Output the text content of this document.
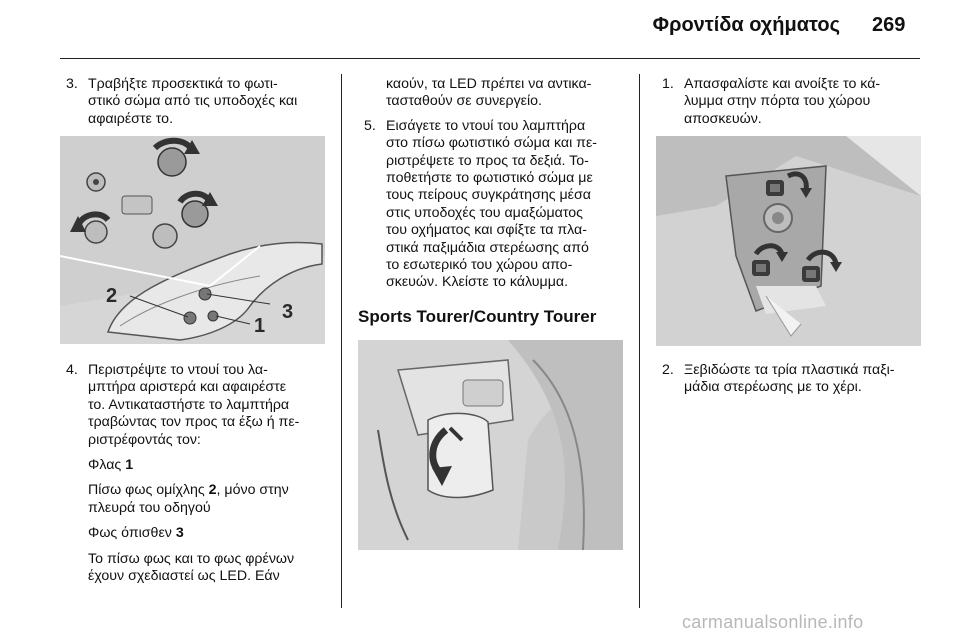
Φροντίδα οχήματος 269
3. Τραβήξτε προσεκτικά το φωτι-

στικό σώμα από τις υποδοχές και

αφαιρέστε το.

2
1
3
4. Περιστρέψτε το ντουί του λα-

μπτήρα αριστερά και αφαιρέστε

το. Αντικαταστήστε το λαμπτήρα

τραβώντας τον προς τα έξω ή πε-

ριστρέφοντάς τον:

Φλας 1

Πίσω φως ομίχλης 2, μόνο στην

πλευρά του οδηγού

Φως όπισθεν 3

Το πίσω φως και το φως φρένων

έχουν σχεδιαστεί ως LED. Εάν

καούν, τα LED πρέπει να αντικα-

τασταθούν σε συνεργείο.

5. Εισάγετε το ντουί του λαμπτήρα

στο πίσω φωτιστικό σώμα και πε-

ριστρέψετε το προς τα δεξιά. Το-

ποθετήστε το φωτιστικό σώμα με

τους πείρους συγκράτησης μέσα

στις υποδοχές του αμαξώματος

του οχήματος και σφίξτε τα πλα-

στικά παξιμάδια στερέωσης από

το εσωτερικό του χώρου απο-

σκευών. Κλείστε το κάλυμμα.

Sports Tourer/Country Tourer
1. Απασφαλίστε και ανοίξτε το κά-

λυμμα στην πόρτα του χώρου

αποσκευών.

2. Ξεβιδώστε τα τρία πλαστικά παξι-

μάδια στερέωσης με το χέρι.

carmanualsonline.info
